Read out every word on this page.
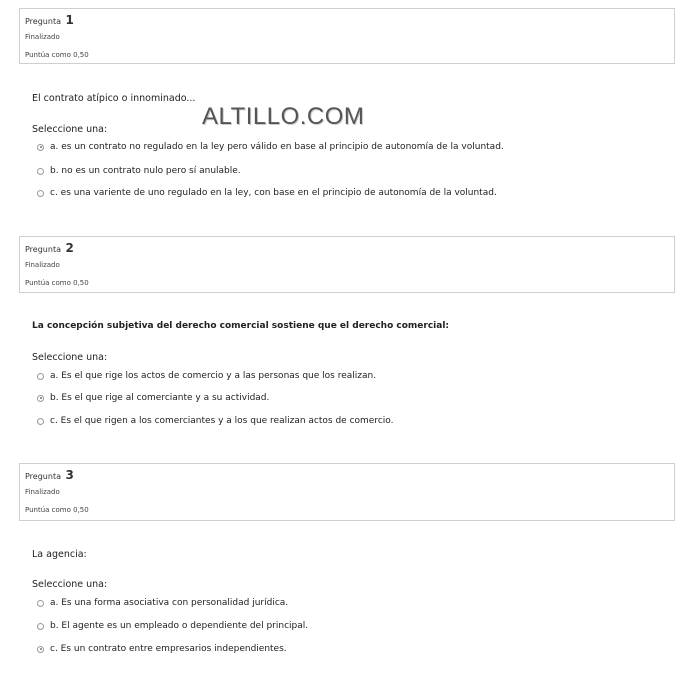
Pregunta 1
Finalizado
Puntúa como 0,50
El contrato atípico o innominado...
ALTILLO.COM
Seleccione una:
a. es un contrato no regulado en la ley pero válido en base al principio de autonomía de la voluntad.
b. no es un contrato nulo pero sí anulable.
c. es una variente de uno regulado en la ley, con base en el principio de autonomía de la voluntad.
Pregunta 2
Finalizado
Puntúa como 0,50
La concepción subjetiva del derecho comercial sostiene que el derecho comercial:
Seleccione una:
a. Es el que rige los actos de comercio y a las personas que los realizan.
b. Es el que rige al comerciante y a su actividad.
c. Es el que rigen a los comerciantes y a los que realizan actos de comercio.
Pregunta 3
Finalizado
Puntúa como 0,50
La agencia:
Seleccione una:
a. Es una forma asociativa con personalidad jurídica.
b. El agente es un empleado o dependiente del principal.
c. Es un contrato entre empresarios independientes.
